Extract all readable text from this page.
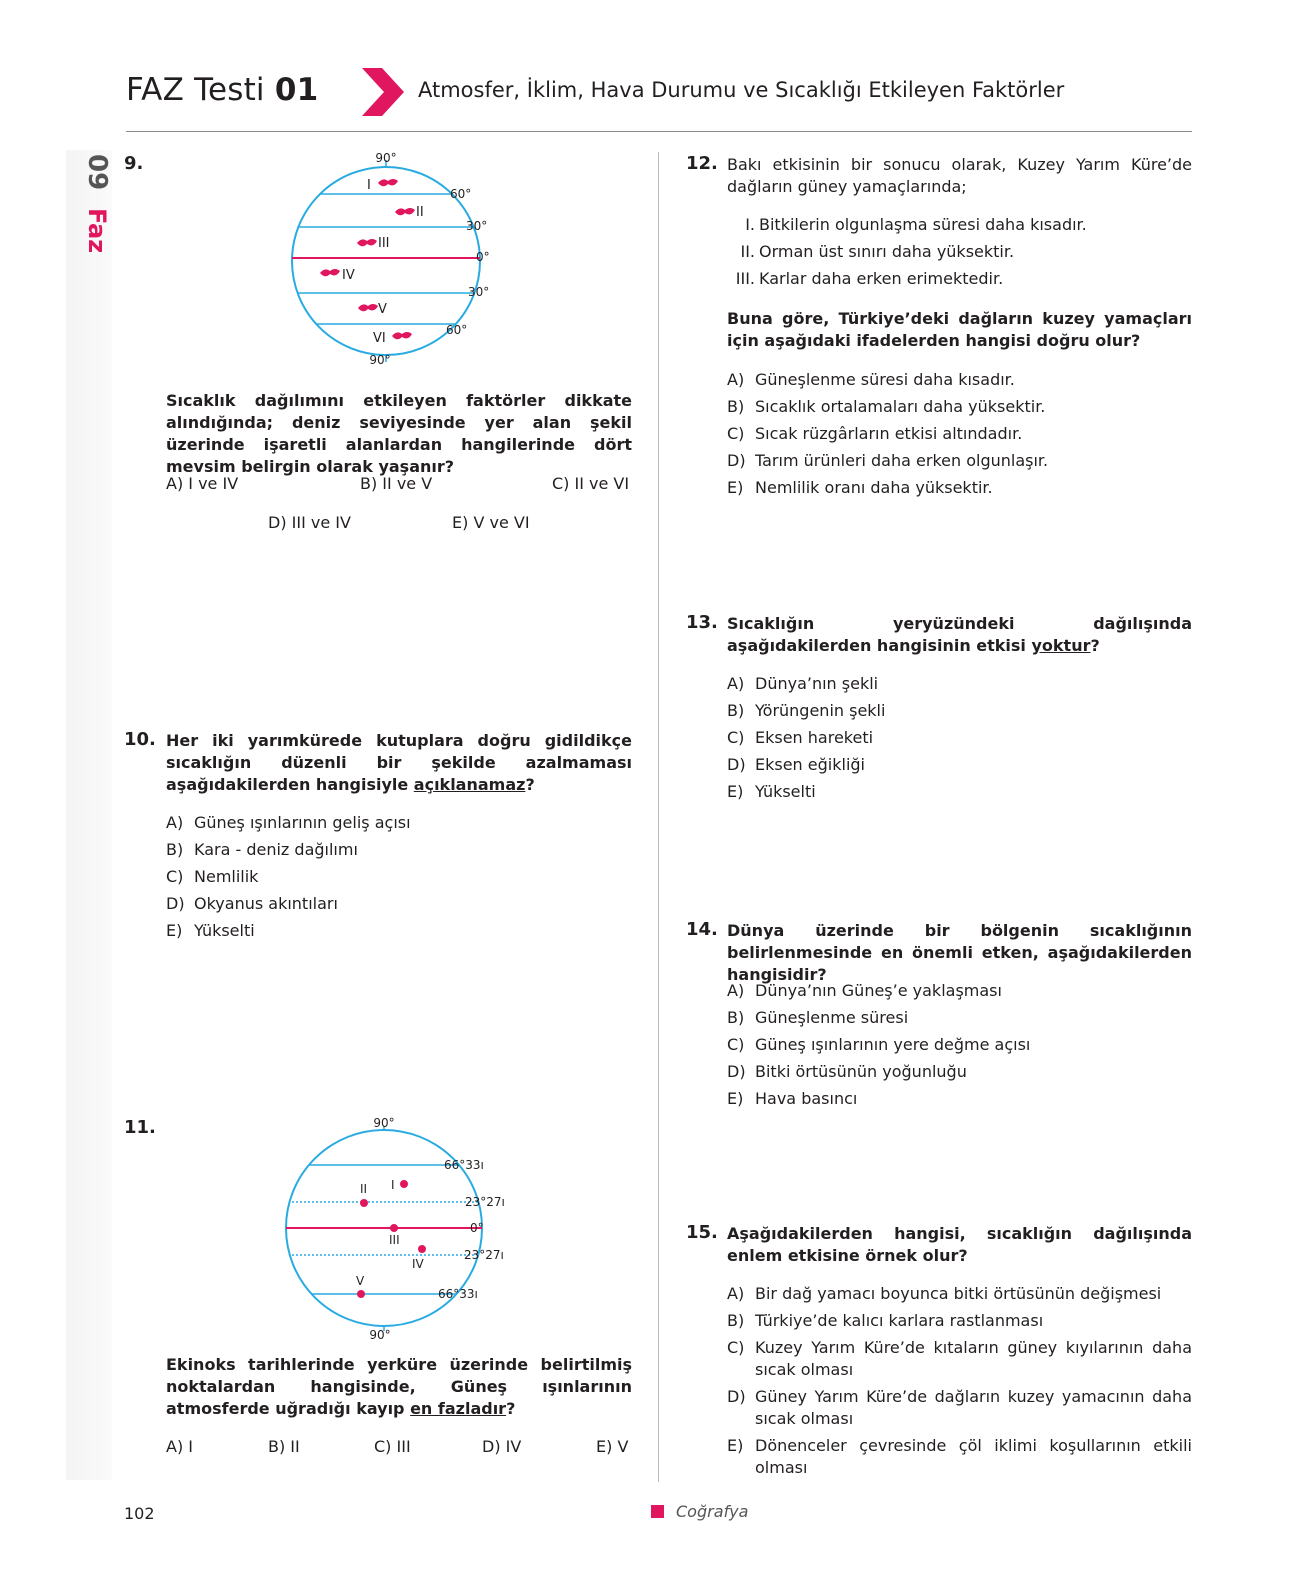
FAZ Testi 01	Atmosfer, İklim, Hava Durumu ve Sıcaklığı Etkileyen Faktörler
09
Faz
9.	90°
90°
60°
30°
0°
30°
60°
I
II
III
IV
V
VI
Sıcaklık dağılımını etkileyen faktörler dikkate alındığında; deniz seviyesinde yer alan şekil üzerinde işaretli alanlardan hangilerinde dört mevsim belirgin olarak yaşanır?
A) I ve IV	B) II ve V	C) II ve VI
D) III ve IV	E) V ve VI
10. Her iki yarımkürede kutuplara doğru gidildikçe sıcaklığın düzenli bir şekilde azalmaması aşağıdakilerden hangisiyle açıklanamaz?
A) Güneş ışınlarının geliş açısı
B) Kara - deniz dağılımı
C) Nemlilik
D) Okyanus akıntıları
E) Yükselti
11.	90°
90°
66°33ı
23°27ı
0°
23°27ı
66°33ı
I
II
III
IV
V
Ekinoks tarihlerinde yerküre üzerinde belirtilmiş noktalardan hangisinde, Güneş ışınlarının atmosferde uğradığı kayıp en fazladır?
A) I	B) II	C) III	D) IV	E) V
12. Bakı etkisinin bir sonucu olarak, Kuzey Yarım Küre’de dağların güney yamaçlarında;
I. Bitkilerin olgunlaşma süresi daha kısadır.
II. Orman üst sınırı daha yüksektir.
III. Karlar daha erken erimektedir.
Buna göre, Türkiye’deki dağların kuzey yamaçları için aşağıdaki ifadelerden hangisi doğru olur?
A) Güneşlenme süresi daha kısadır.
B) Sıcaklık ortalamaları daha yüksektir.
C) Sıcak rüzgârların etkisi altındadır.
D) Tarım ürünleri daha erken olgunlaşır.
E) Nemlilik oranı daha yüksektir.
13. Sıcaklığın yeryüzündeki dağılışında aşağıdakilerden hangisinin etkisi yoktur?
A) Dünya’nın şekli
B) Yörüngenin şekli
C) Eksen hareketi
D) Eksen eğikliği
E) Yükselti
14. Dünya üzerinde bir bölgenin sıcaklığının belirlenmesinde en önemli etken, aşağıdakilerden hangisidir?
A) Dünya’nın Güneş’e yaklaşması
B) Güneşlenme süresi
C) Güneş ışınlarının yere değme açısı
D) Bitki örtüsünün yoğunluğu
E) Hava basıncı
15. Aşağıdakilerden hangisi, sıcaklığın dağılışında enlem etkisine örnek olur?
A) Bir dağ yamacı boyunca bitki örtüsünün değişmesi
B) Türkiye’de kalıcı karlara rastlanması
C) Kuzey Yarım Küre’de kıtaların güney kıyılarının daha sıcak olması
D) Güney Yarım Küre’de dağların kuzey yamacının daha sıcak olması
E) Dönenceler çevresinde çöl iklimi koşullarının etkili olması
102	Coğrafya
